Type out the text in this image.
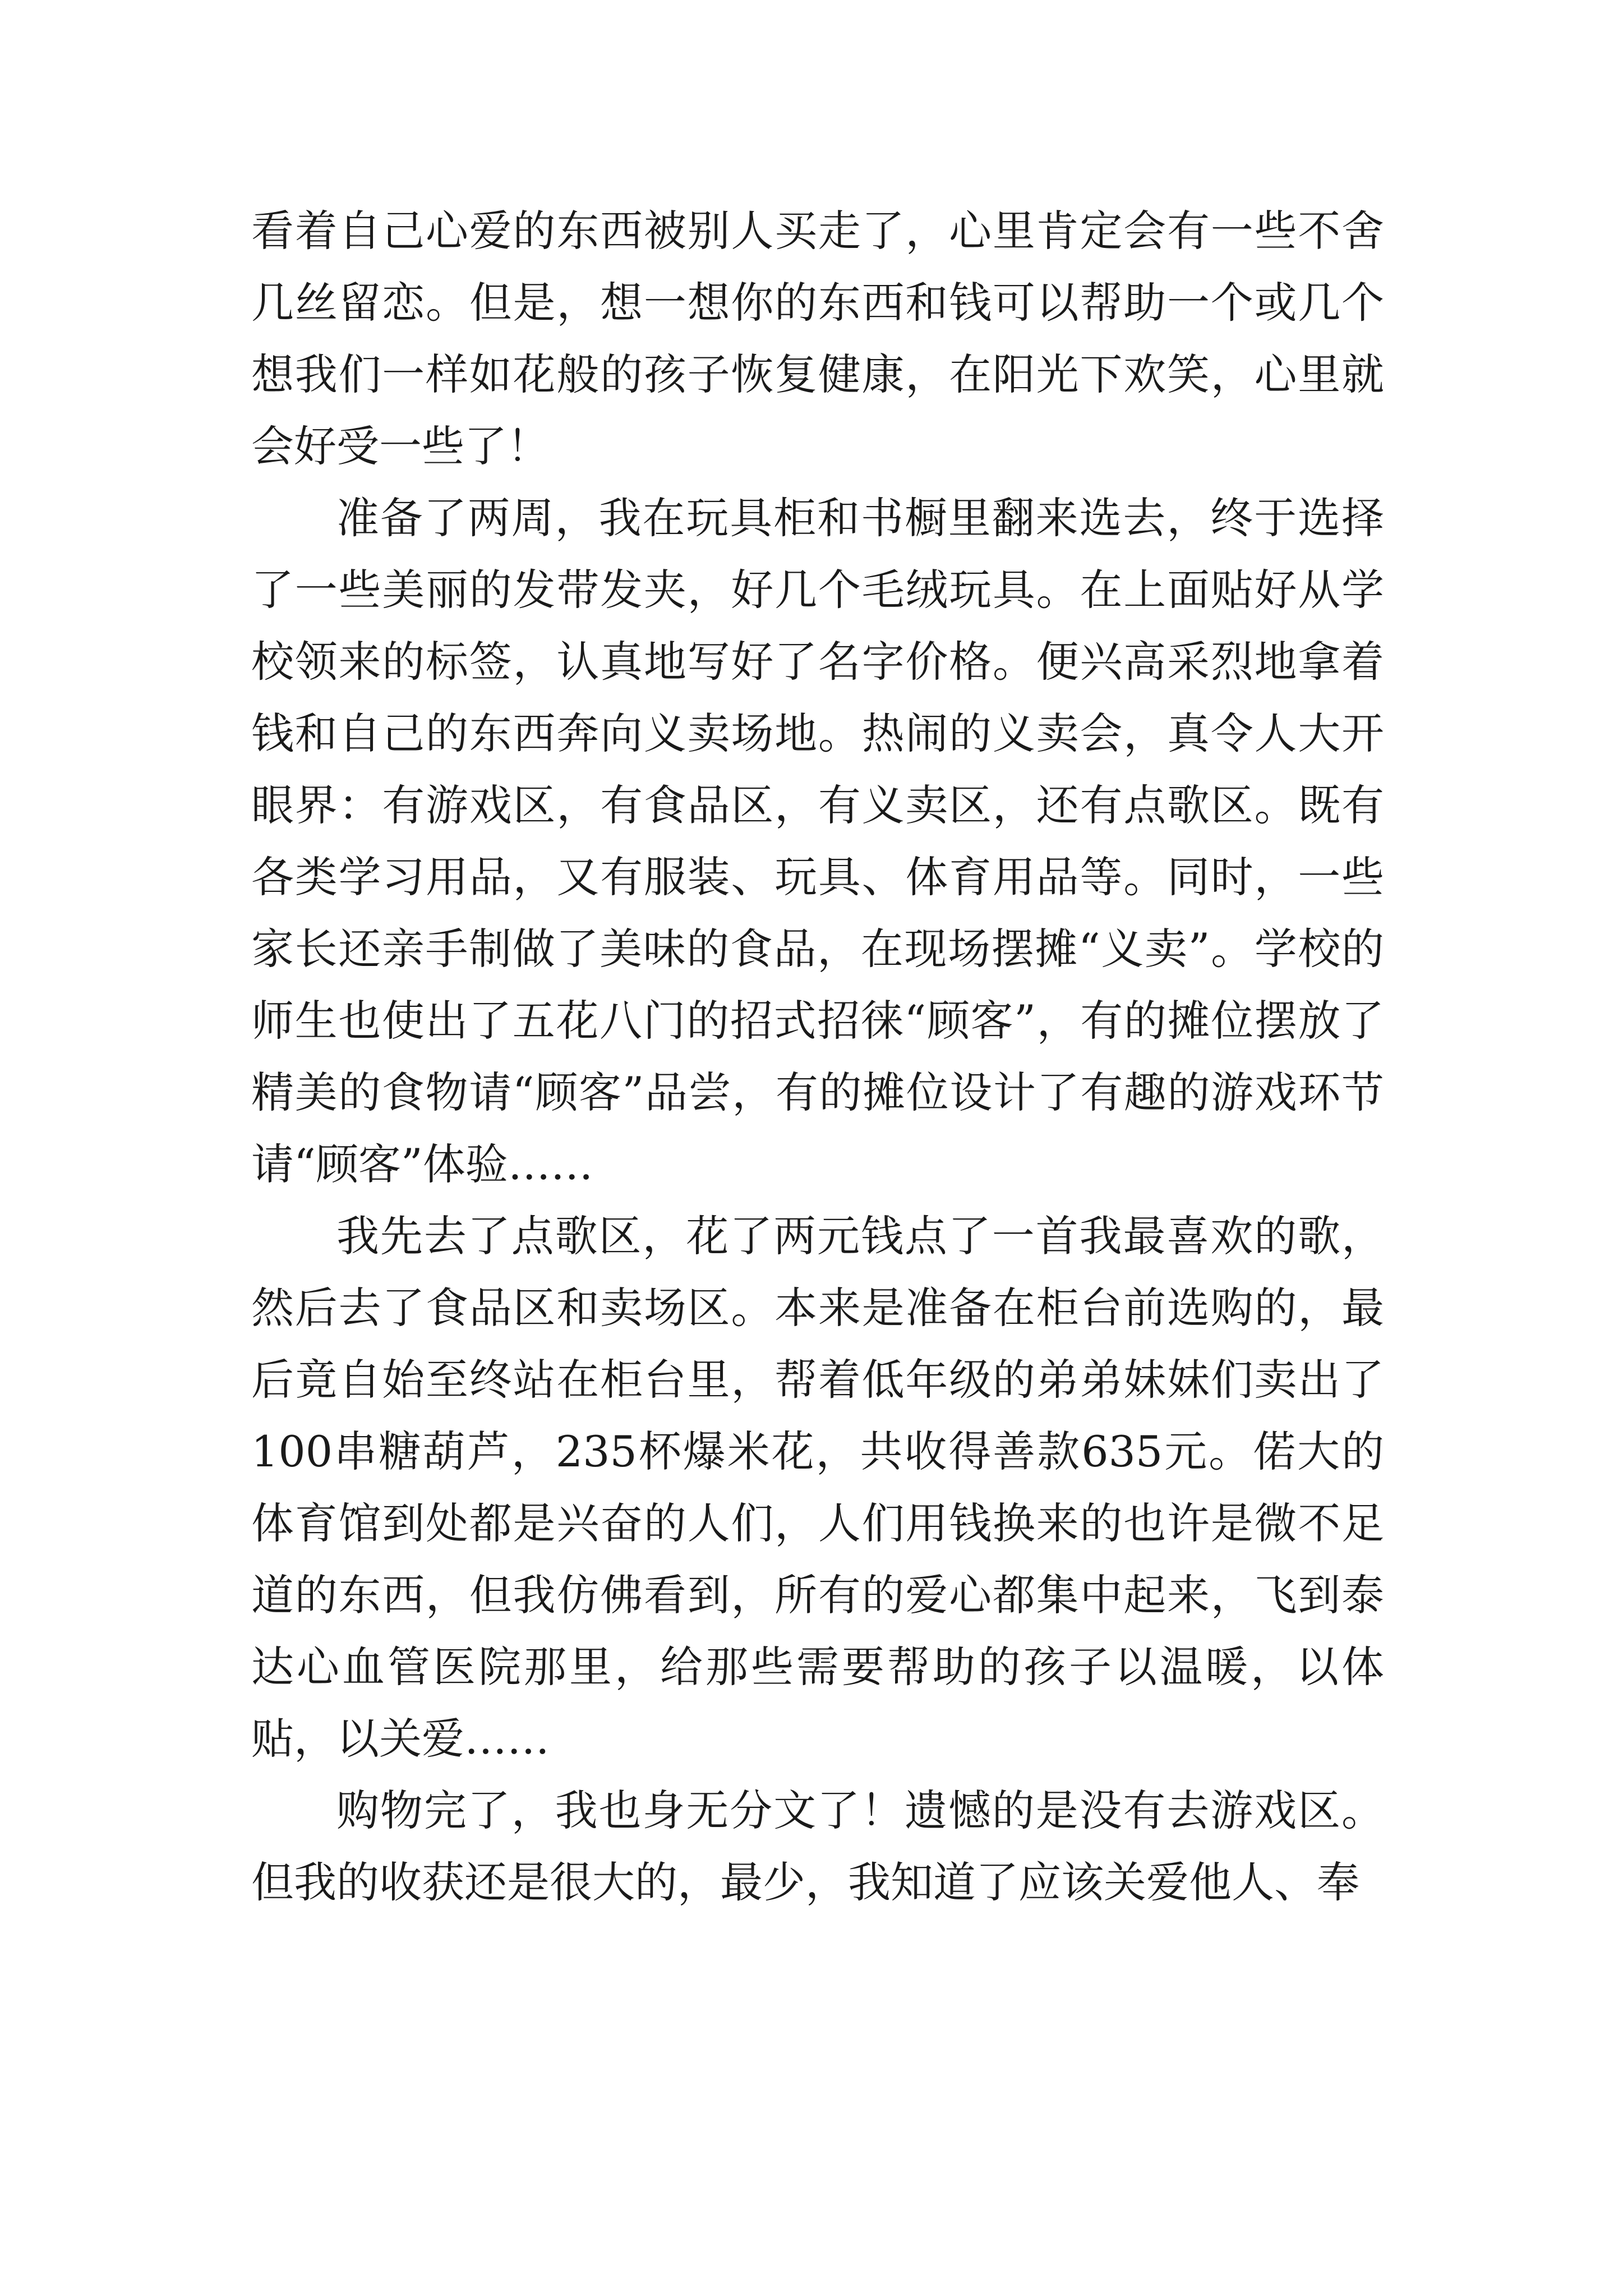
看着自己心爱的东西被别人买走了，心里肯定会有一些不舍几丝留恋。但是，想一想你的东西和钱可以帮助一个或几个想我们一样如花般的孩子恢复健康，在阳光下欢笑，心里就会好受一些了！

准备了两周，我在玩具柜和书橱里翻来选去，终于选择了一些美丽的发带发夹，好几个毛绒玩具。在上面贴好从学校领来的标签，认真地写好了名字价格。便兴高采烈地拿着钱和自己的东西奔向义卖场地。热闹的义卖会，真令人大开眼界：有游戏区，有食品区，有义卖区，还有点歌区。既有各类学习用品，又有服装、玩具、体育用品等。同时，一些家长还亲手制做了美味的食品，在现场摆摊“义卖”。学校的师生也使出了五花八门的招式招徕“顾客”，有的摊位摆放了精美的食物请“顾客”品尝，有的摊位设计了有趣的游戏环节请“顾客”体验……

我先去了点歌区，花了两元钱点了一首我最喜欢的歌，然后去了食品区和卖场区。本来是准备在柜台前选购的，最后竟自始至终站在柜台里，帮着低年级的弟弟妹妹们卖出了100串糖葫芦，235杯爆米花，共收得善款635元。偌大的体育馆到处都是兴奋的人们，人们用钱换来的也许是微不足道的东西，但我仿佛看到，所有的爱心都集中起来，飞到泰达心血管医院那里，给那些需要帮助的孩子以温暖，以体贴，以关爱……

购物完了，我也身无分文了！遗憾的是没有去游戏区。但我的收获还是很大的，最少，我知道了应该关爱他人、奉
